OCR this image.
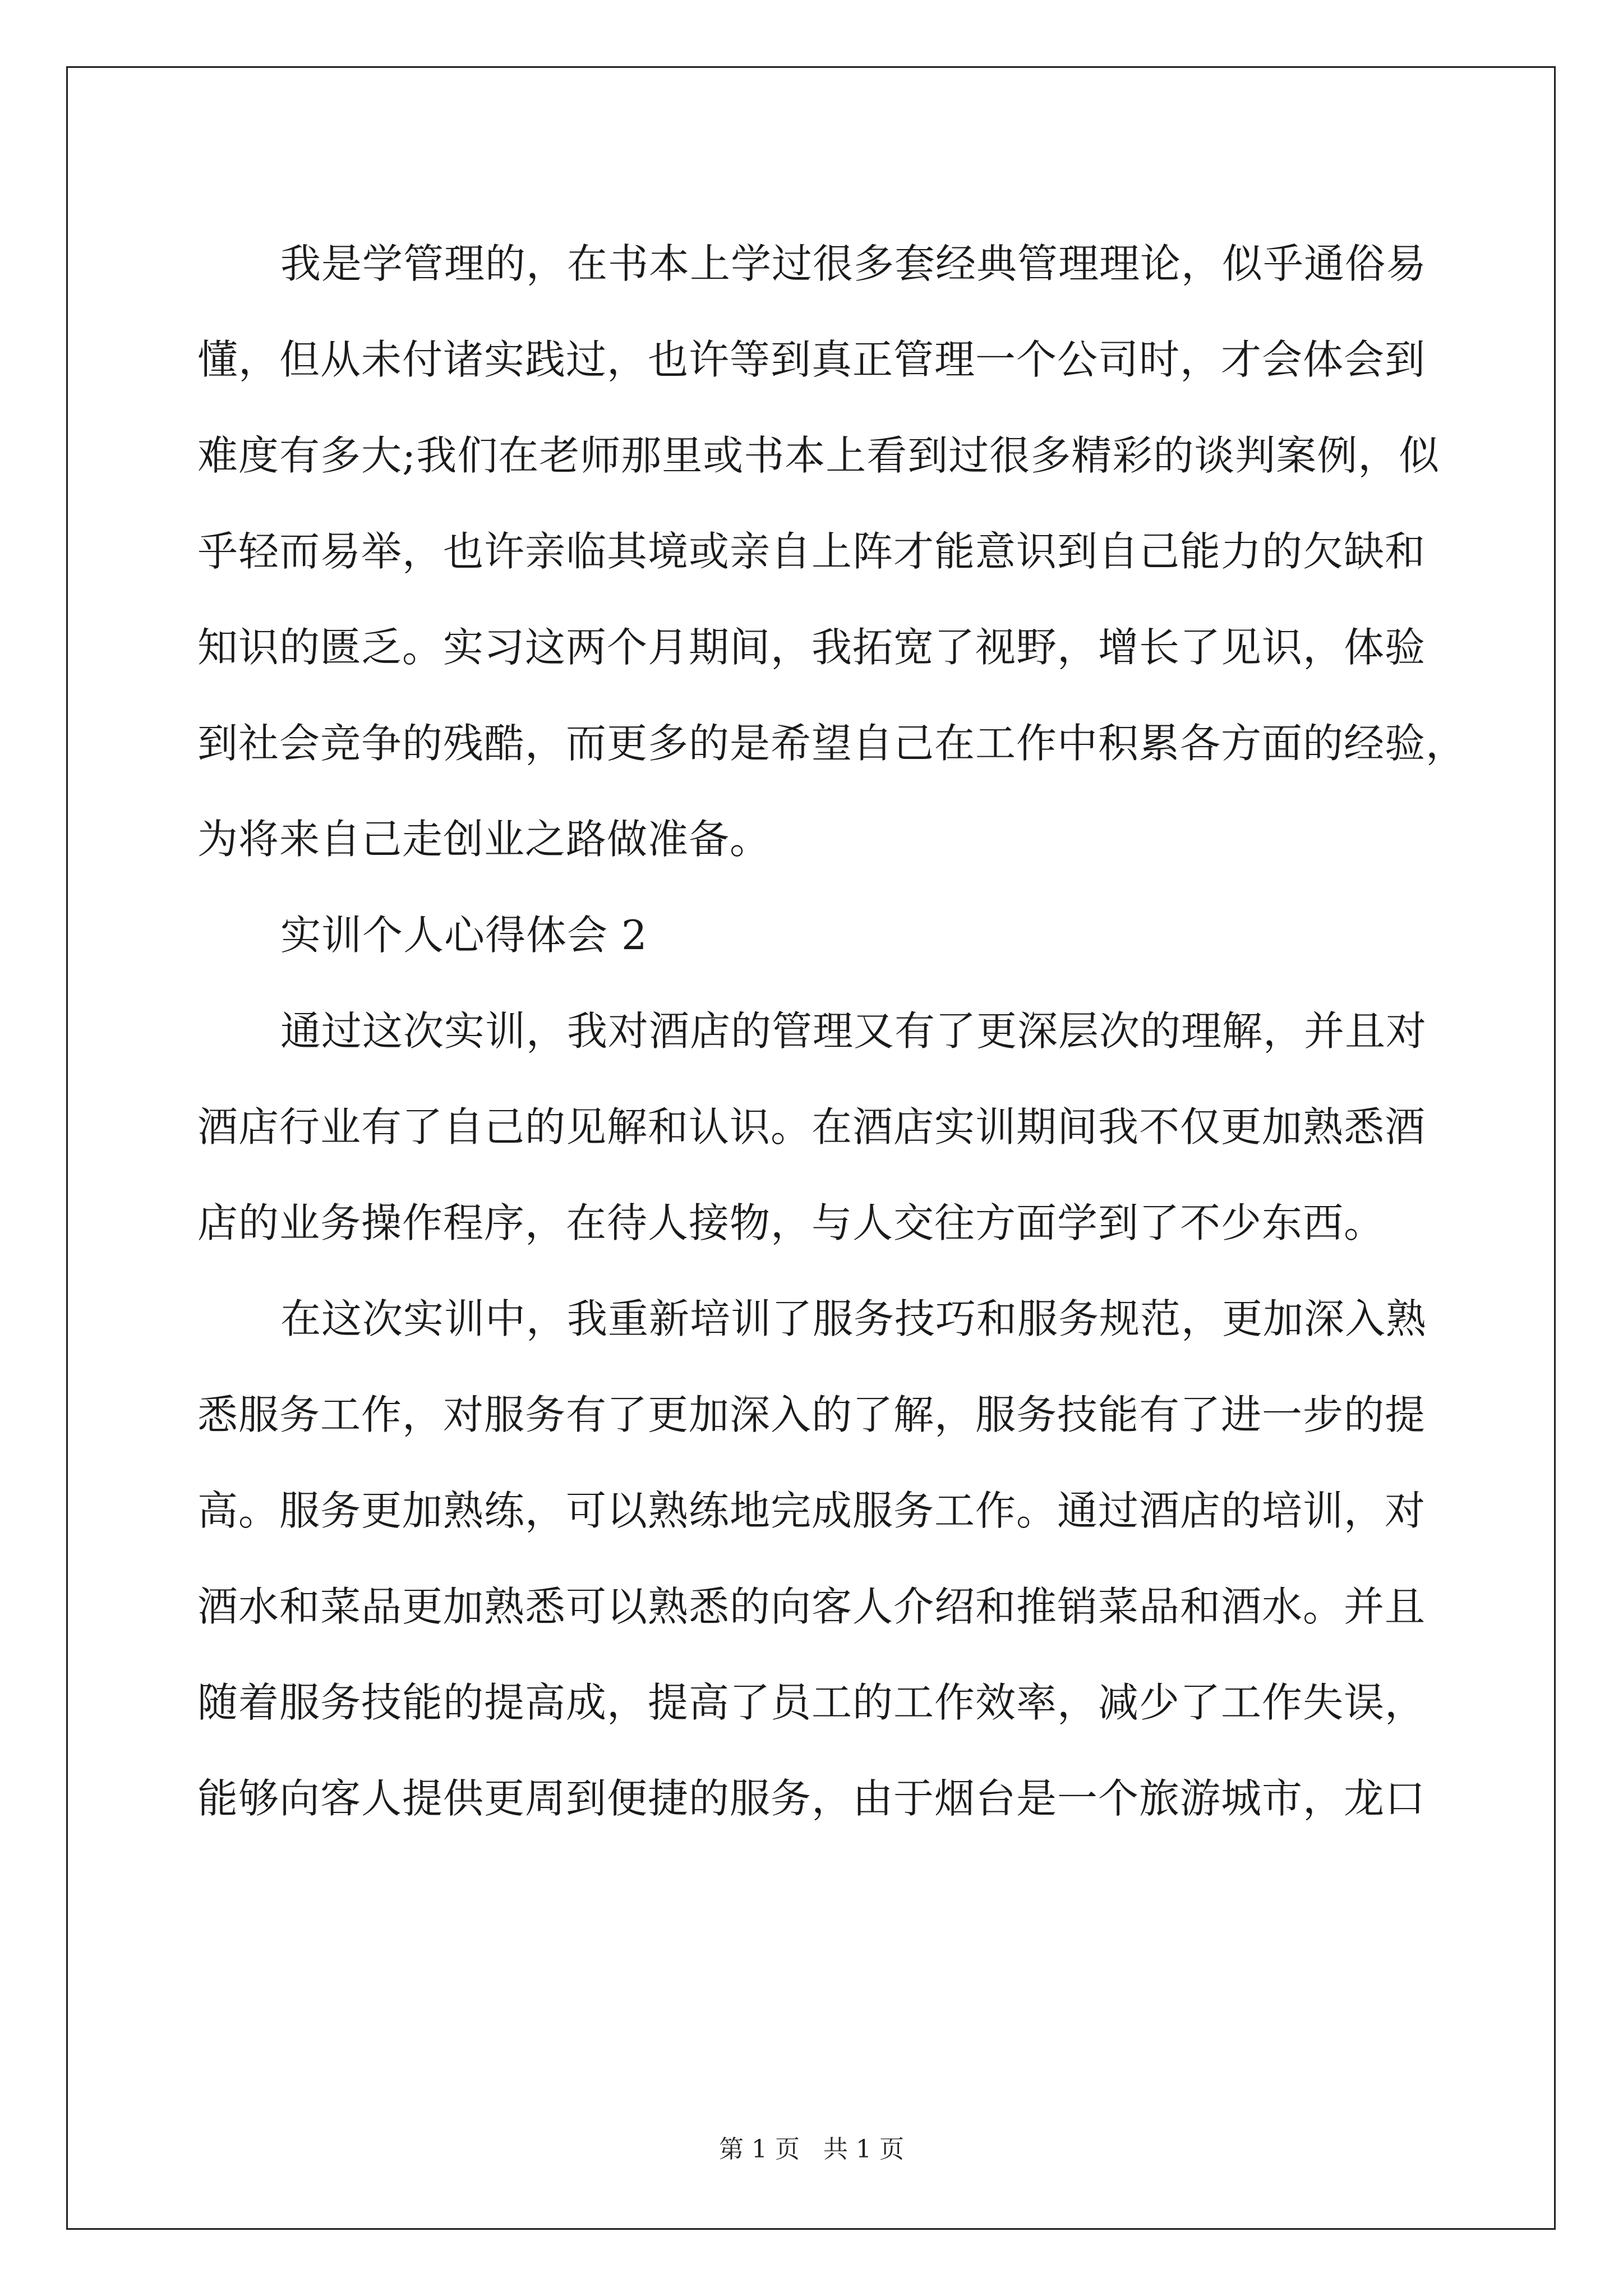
我是学管理的，在书本上学过很多套经典管理理论，似乎通俗易
懂，但从未付诸实践过，也许等到真正管理一个公司时，才会体会到
难度有多大;我们在老师那里或书本上看到过很多精彩的谈判案例，似
乎轻而易举，也许亲临其境或亲自上阵才能意识到自己能力的欠缺和
知识的匮乏。实习这两个月期间，我拓宽了视野，增长了见识，体验
到社会竞争的残酷，而更多的是希望自己在工作中积累各方面的经验，
为将来自己走创业之路做准备。
实训个人心得体会 2
通过这次实训，我对酒店的管理又有了更深层次的理解，并且对
酒店行业有了自己的见解和认识。在酒店实训期间我不仅更加熟悉酒
店的业务操作程序，在待人接物，与人交往方面学到了不少东西。
在这次实训中，我重新培训了服务技巧和服务规范，更加深入熟
悉服务工作，对服务有了更加深入的了解，服务技能有了进一步的提
高。服务更加熟练，可以熟练地完成服务工作。通过酒店的培训，对
酒水和菜品更加熟悉可以熟悉的向客人介绍和推销菜品和酒水。并且
随着服务技能的提高成，提高了员工的工作效率，减少了工作失误，
能够向客人提供更周到便捷的服务，由于烟台是一个旅游城市，龙口
第 1 页   共 1 页
